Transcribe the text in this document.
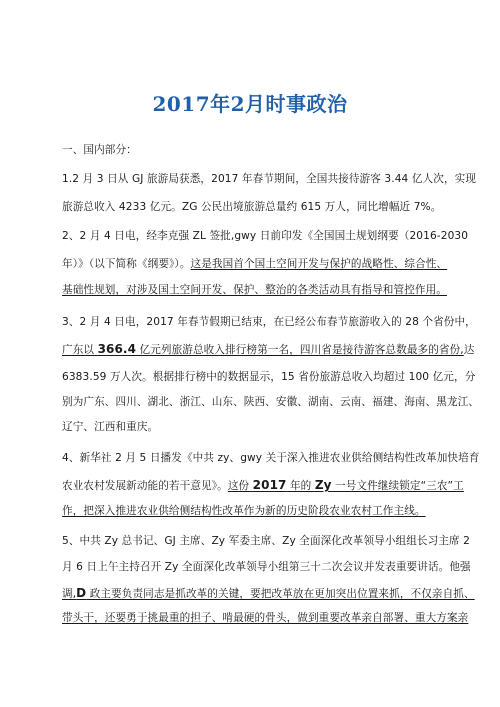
2017年2月时事政治
一、国内部分：
1.2 月 3 日从 GJ 旅游局获悉，2017 年春节期间，全国共接待游客 3.44 亿人次，实现
旅游总收入 4233 亿元。ZG 公民出境旅游总量约 615 万人，同比增幅近 7%。
2、2 月 4 日电，经李克强 ZL 签批,gwy 日前印发《全国国土规划纲要（2016-2030
年）》（以下简称《纲要》）。这是我国首个国土空间开发与保护的战略性、综合性、
基础性规划，对涉及国土空间开发、保护、整治的各类活动具有指导和管控作用。
3、2 月 4 日电，2017 年春节假期已结束，在已经公布春节旅游收入的 28 个省份中，
广东以 366.4 亿元列旅游总收入排行榜第一名，四川省是接待游客总数最多的省份,达
6383.59 万人次。根据排行榜中的数据显示，15 省份旅游总收入均超过 100 亿元，分
别为广东、四川、湖北、浙江、山东、陕西、安徽、湖南、云南、福建、海南、黑龙江、
辽宁、江西和重庆。
4、新华社 2 月 5 日播发《中共 zy、gwy 关于深入推进农业供给侧结构性改革加快培育
农业农村发展新动能的若干意见》。这份 2017 年的 Zy 一号文件继续锁定“三农”工
作，把深入推进农业供给侧结构性改革作为新的历史阶段农业农村工作主线。
5、中共 Zy 总书记、GJ 主席、Zy 军委主席、Zy 全面深化改革领导小组组长习主席 2
月 6 日上午主持召开 Zy 全面深化改革领导小组第三十二次会议并发表重要讲话。他强
调,D 政主要负责同志是抓改革的关键，要把改革放在更加突出位置来抓，不仅亲自抓、
带头干，还要勇于挑最重的担子、啃最硬的骨头，做到重要改革亲自部署、重大方案亲
